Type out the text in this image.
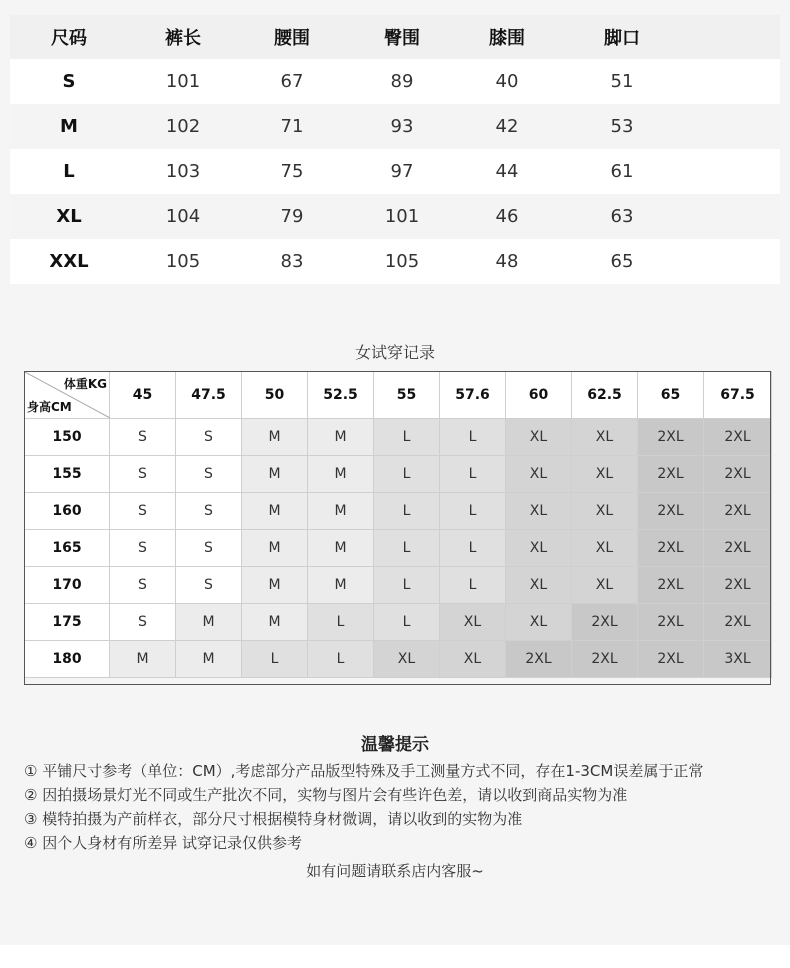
尺码	裤长	腰围	臀围	膝围	脚口
S	101	67	89	40	51
M	102	71	93	42	53
L	103	75	97	44	61
XL	104	79	101	46	63
XXL	105	83	105	48	65
女试穿记录
体重KG
身高CM	45	47.5	50	52.5	55	57.6	60	62.5	65	67.5
150	S	S	M	M	L	L	XL	XL	2XL	2XL
155	S	S	M	M	L	L	XL	XL	2XL	2XL
160	S	S	M	M	L	L	XL	XL	2XL	2XL
165	S	S	M	M	L	L	XL	XL	2XL	2XL
170	S	S	M	M	L	L	XL	XL	2XL	2XL
175	S	M	M	L	L	XL	XL	2XL	2XL	2XL
180	M	M	L	L	XL	XL	2XL	2XL	2XL	3XL
温馨提示
① 平铺尺寸参考（单位：CM）,考虑部分产品版型特殊及手工测量方式不同，存在1-3CM误差属于正常
② 因拍摄场景灯光不同或生产批次不同，实物与图片会有些许色差，请以收到商品实物为准
③ 模特拍摄为产前样衣，部分尺寸根据模特身材微调，请以收到的实物为准
④ 因个人身材有所差异 试穿记录仅供参考
如有问题请联系店内客服~
